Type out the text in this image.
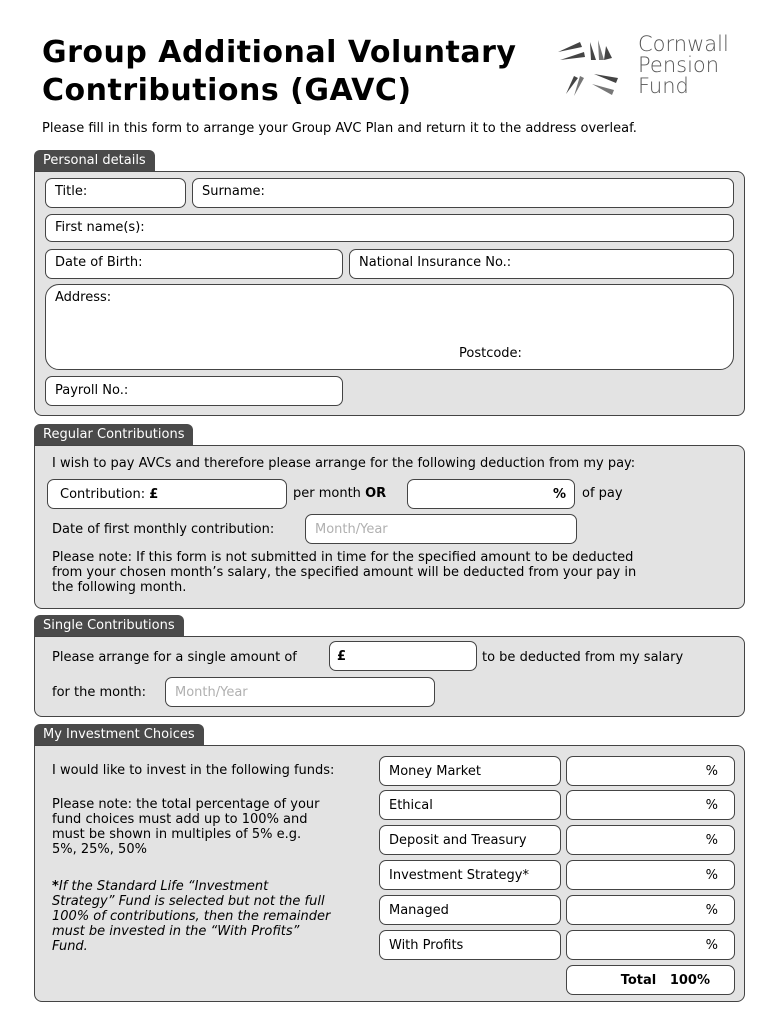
Group Additional Voluntary
Contributions (GAVC)
Cornwall
Pension
Fund
Please fill in this form to arrange your Group AVC Plan and return it to the address overleaf.
Personal details
Title:	Surname:
First name(s):
Date of Birth:	National Insurance No.:
Address:
Postcode:
Payroll No.:
Regular Contributions
I wish to pay AVCs and therefore please arrange for the following deduction from my pay:
Contribution: £	per month OR	% of pay
Date of first monthly contribution:	Month/Year
Please note: If this form is not submitted in time for the specified amount to be deducted
from your chosen month’s salary, the specified amount will be deducted from your pay in
the following month.
Single Contributions
Please arrange for a single amount of	£	to be deducted from my salary
for the month:	Month/Year
My Investment Choices
I would like to invest in the following funds:
Please note: the total percentage of your
fund choices must add up to 100% and
must be shown in multiples of 5% e.g.
5%, 25%, 50%
*If the Standard Life “Investment
Strategy” Fund is selected but not the full
100% of contributions, then the remainder
must be invested in the “With Profits”
Fund.
Money Market	%
Ethical	%
Deposit and Treasury	%
Investment Strategy*	%
Managed	%
With Profits	%
Total 100%
